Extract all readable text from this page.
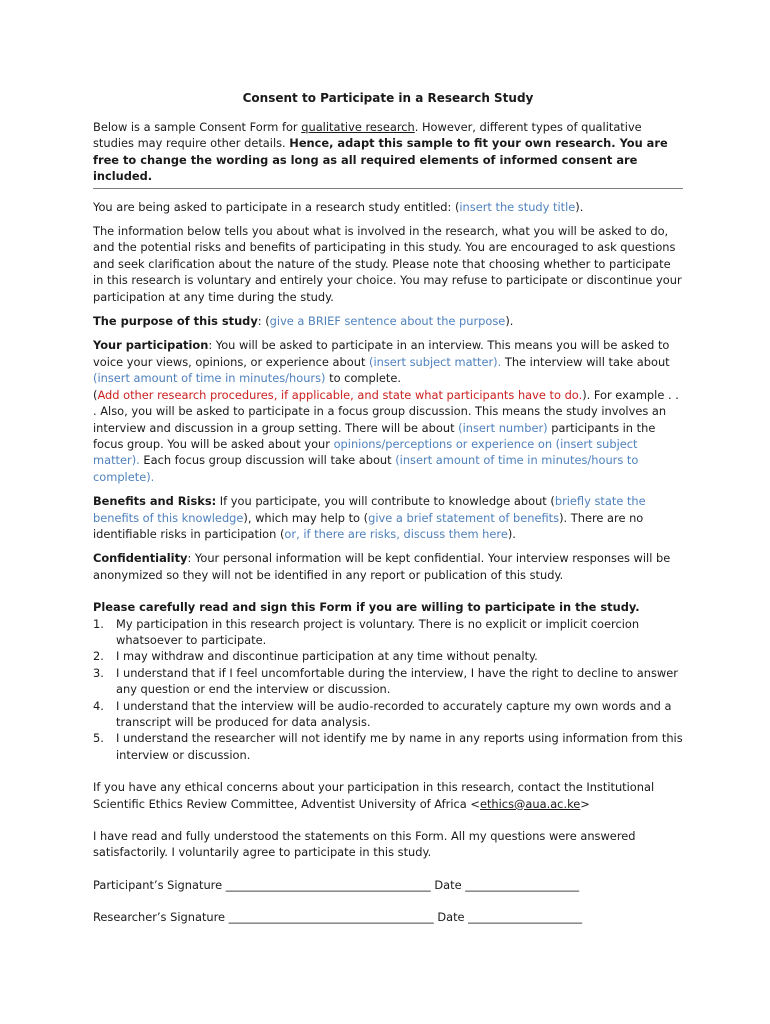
Consent to Participate in a Research Study

Below is a sample Consent Form for qualitative research. However, different types of qualitative studies may require other details. Hence, adapt this sample to fit your own research. You are free to change the wording as long as all required elements of informed consent are included.

You are being asked to participate in a research study entitled: (insert the study title).

The information below tells you about what is involved in the research, what you will be asked to do, and the potential risks and benefits of participating in this study. You are encouraged to ask questions and seek clarification about the nature of the study. Please note that choosing whether to participate in this research is voluntary and entirely your choice. You may refuse to participate or discontinue your participation at any time during the study.

The purpose of this study: (give a BRIEF sentence about the purpose).

Your participation: You will be asked to participate in an interview. This means you will be asked to voice your views, opinions, or experience about (insert subject matter). The interview will take about (insert amount of time in minutes/hours) to complete.
(Add other research procedures, if applicable, and state what participants have to do.). For example . . . Also, you will be asked to participate in a focus group discussion. This means the study involves an interview and discussion in a group setting. There will be about (insert number) participants in the focus group. You will be asked about your opinions/perceptions or experience on (insert subject matter). Each focus group discussion will take about (insert amount of time in minutes/hours to complete).

Benefits and Risks: If you participate, you will contribute to knowledge about (briefly state the benefits of this knowledge), which may help to (give a brief statement of benefits). There are no identifiable risks in participation (or, if there are risks, discuss them here).

Confidentiality: Your personal information will be kept confidential. Your interview responses will be anonymized so they will not be identified in any report or publication of this study.

Please carefully read and sign this Form if you are willing to participate in the study.

1. My participation in this research project is voluntary. There is no explicit or implicit coercion whatsoever to participate.
2. I may withdraw and discontinue participation at any time without penalty.
3. I understand that if I feel uncomfortable during the interview, I have the right to decline to answer any question or end the interview or discussion.
4. I understand that the interview will be audio-recorded to accurately capture my own words and a transcript will be produced for data analysis.
5. I understand the researcher will not identify me by name in any reports using information from this interview or discussion.

If you have any ethical concerns about your participation in this research, contact the Institutional Scientific Ethics Review Committee, Adventist University of Africa <ethics@aua.ac.ke>

I have read and fully understood the statements on this Form. All my questions were answered satisfactorily. I voluntarily agree to participate in this study.

Participant’s Signature ____________________________________ Date ____________________

Researcher’s Signature ____________________________________ Date ____________________
